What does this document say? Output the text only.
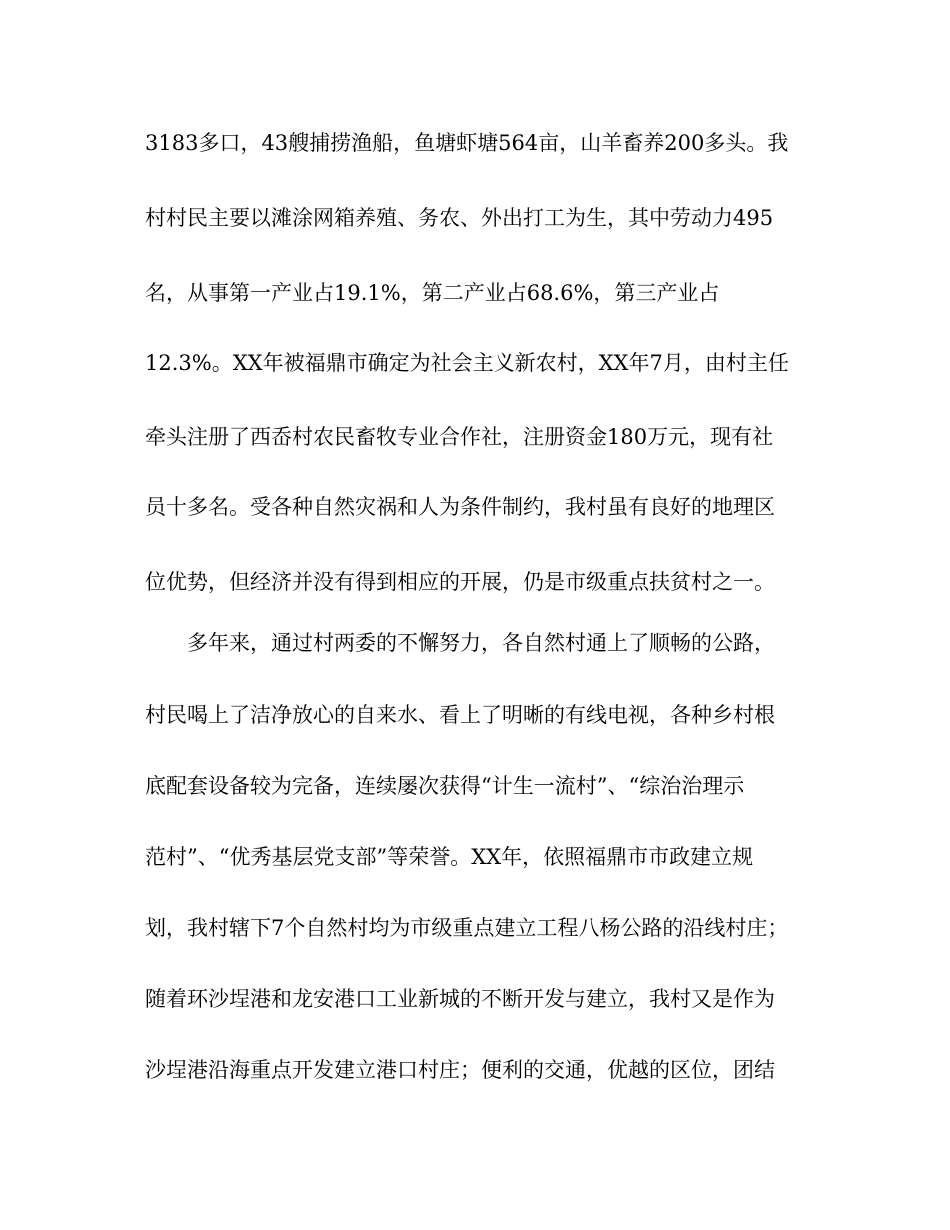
3183多口，43艘捕捞渔船，鱼塘虾塘564亩，山羊畜养200多头。我
村村民主要以滩涂网箱养殖、务农、外出打工为生，其中劳动力495
名，从事第一产业占19.1%，第二产业占68.6%，第三产业占
12.3%。XX年被福鼎市确定为社会主义新农村，XX年7月，由村主任
牵头注册了西岙村农民畜牧专业合作社，注册资金180万元，现有社
员十多名。受各种自然灾祸和人为条件制约，我村虽有良好的地理区
位优势，但经济并没有得到相应的开展，仍是市级重点扶贫村之一。
多年来，通过村两委的不懈努力，各自然村通上了顺畅的公路，
村民喝上了洁净放心的自来水、看上了明晰的有线电视，各种乡村根
底配套设备较为完备，连续屡次获得“计生一流村”、“综治治理示
范村”、“优秀基层党支部”等荣誉。XX年，依照福鼎市市政建立规
划，我村辖下7个自然村均为市级重点建立工程八杨公路的沿线村庄；
随着环沙埕港和龙安港口工业新城的不断开发与建立，我村又是作为
沙埕港沿海重点开发建立港口村庄；便利的交通，优越的区位，团结
